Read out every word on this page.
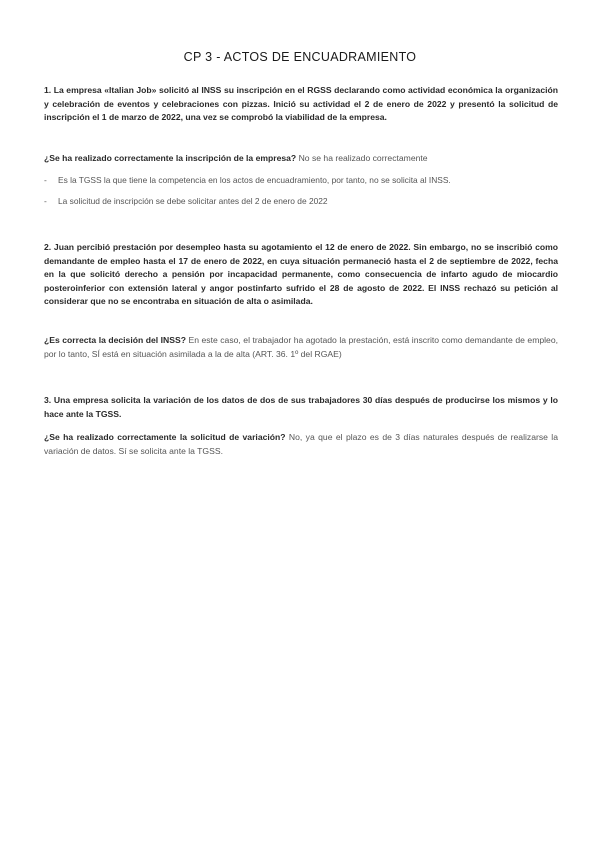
CP 3 - ACTOS DE ENCUADRAMIENTO
1. La empresa «Italian Job» solicitó al INSS su inscripción en el RGSS declarando como actividad económica la organización y celebración de eventos y celebraciones con pizzas. Inició su actividad el 2 de enero de 2022 y presentó la solicitud de inscripción el 1 de marzo de 2022, una vez se comprobó la viabilidad de la empresa.
¿Se ha realizado correctamente la inscripción de la empresa? No se ha realizado correctamente
- Es la TGSS la que tiene la competencia en los actos de encuadramiento, por tanto, no se solicita al INSS.
- La solicitud de inscripción se debe solicitar antes del 2 de enero de 2022
2. Juan percibió prestación por desempleo hasta su agotamiento el 12 de enero de 2022. Sin embargo, no se inscribió como demandante de empleo hasta el 17 de enero de 2022, en cuya situación permaneció hasta el 2 de septiembre de 2022, fecha en la que solicitó derecho a pensión por incapacidad permanente, como consecuencia de infarto agudo de miocardio posteroinferior con extensión lateral y angor postinfarto sufrido el 28 de agosto de 2022. El INSS rechazó su petición al considerar que no se encontraba en situación de alta o asimilada.
¿Es correcta la decisión del INSS? En este caso, el trabajador ha agotado la prestación, está inscrito como demandante de empleo, por lo tanto, SÍ está en situación asimilada a la de alta (ART. 36. 1º del RGAE)
3. Una empresa solicita la variación de los datos de dos de sus trabajadores 30 días después de producirse los mismos y lo hace ante la TGSS.
¿Se ha realizado correctamente la solicitud de variación? No, ya que el plazo es de 3 días naturales después de realizarse la variación de datos. Sí se solicita ante la TGSS.
